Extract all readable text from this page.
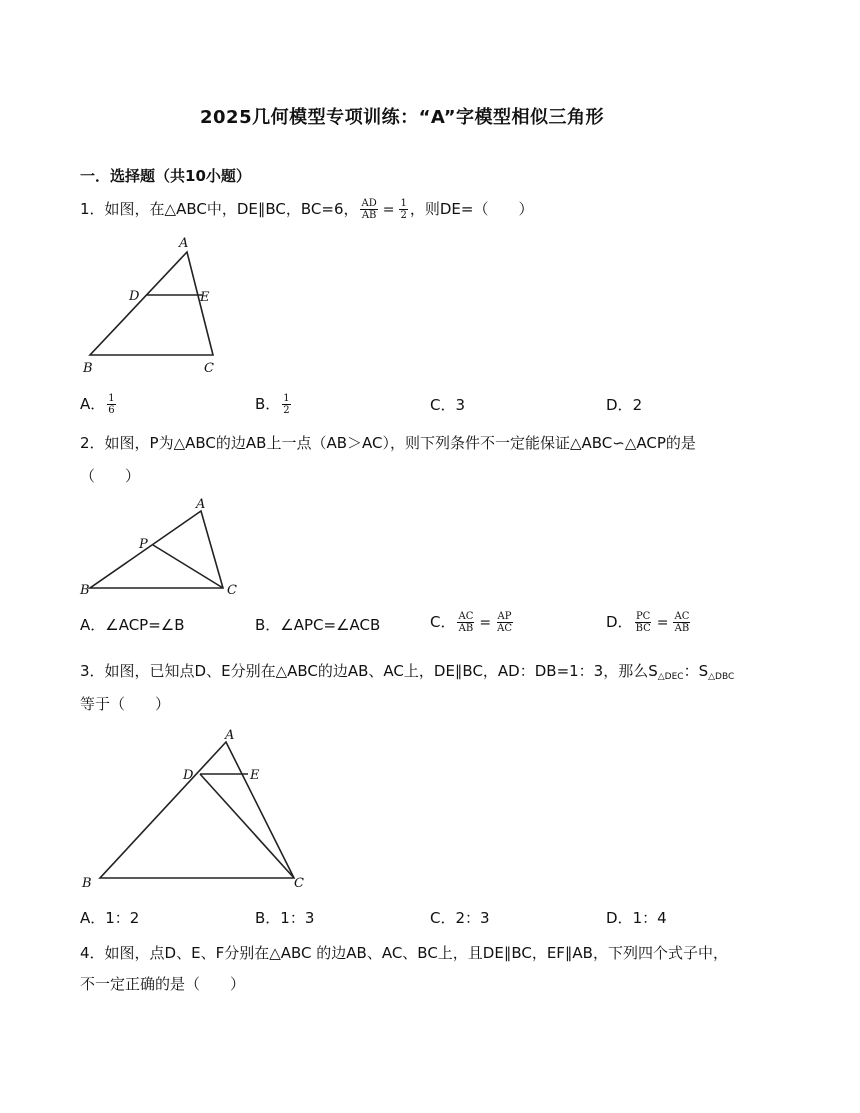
2025几何模型专项训练：“A”字模型相似三角形
一．选择题（共10小题）
1．如图，在△ABC中，DE∥BC，BC=6， $\frac{AD}{AB} = \frac{1}{2}$ ，则DE=（　　）
A
D	E
B	C
A． $\frac{1}{6}$	B． $\frac{1}{2}$	C．3	D．2
2．如图，P为△ABC的边AB上一点（AB＞AC），则下列条件不一定能保证△ABC∽△ACP的是
（　　）
A
P
B	C
A．∠ACP=∠B	B．∠APC=∠ACB	C． $\frac{AC}{AB} = \frac{AP}{AC}$	D． $\frac{PC}{BC} = \frac{AC}{AB}$
3．如图，已知点D、E分别在△ABC的边AB、AC上，DE∥BC，AD：DB=1：3，那么$S_{\triangle DEC}$：$S_{\triangle DBC}$
等于（　　）
A
D	E
B	C
A．1：2	B．1：3	C．2：3	D．1：4
4．如图，点D、E、F分别在△ABC 的边AB、AC、BC上，且DE∥BC，EF∥AB，下列四个式子中，
不一定正确的是（　　）
